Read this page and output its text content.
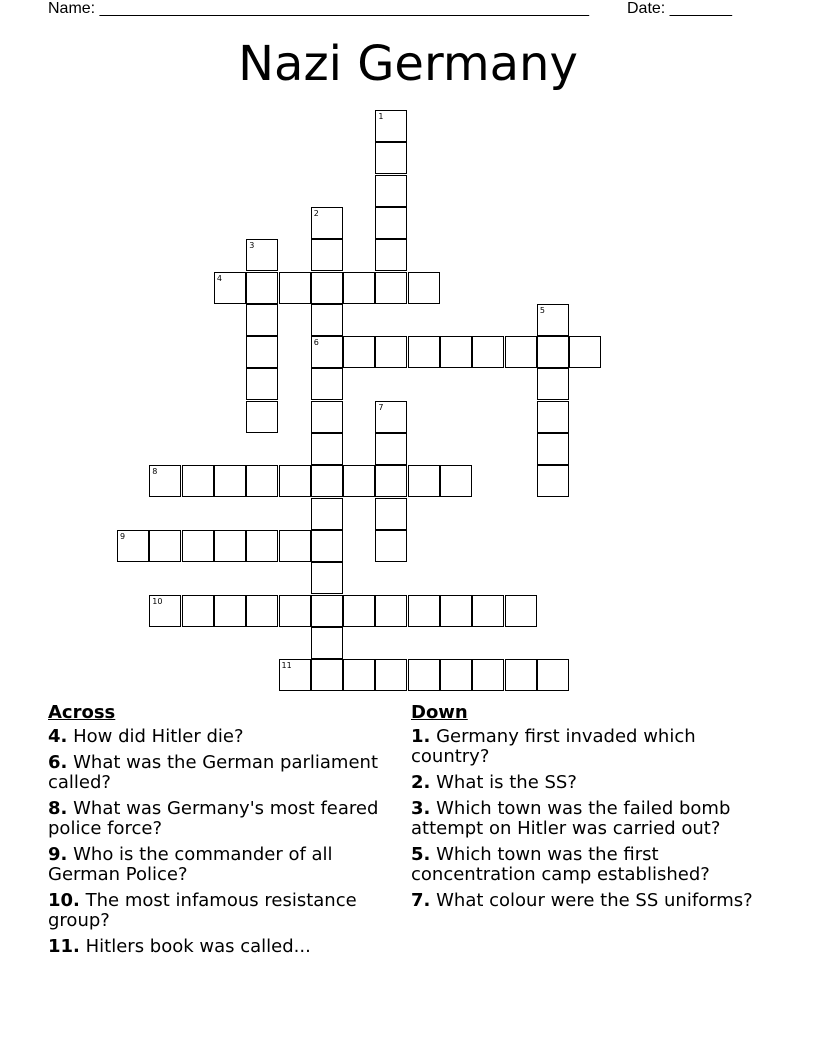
Name: _______________________________________________________ Date: _______
Nazi Germany
1
2
6
3
4
5
7
8
9
10
11
Across
4. How did Hitler die?
6. What was the German parliament called?
8. What was Germany's most feared police force?
9. Who is the commander of all German Police?
10. The most infamous resistance group?
11. Hitlers book was called...
Down
1. Germany first invaded which country?
2. What is the SS?
3. Which town was the failed bomb attempt on Hitler was carried out?
5. Which town was the first concentration camp established?
7. What colour were the SS uniforms?
